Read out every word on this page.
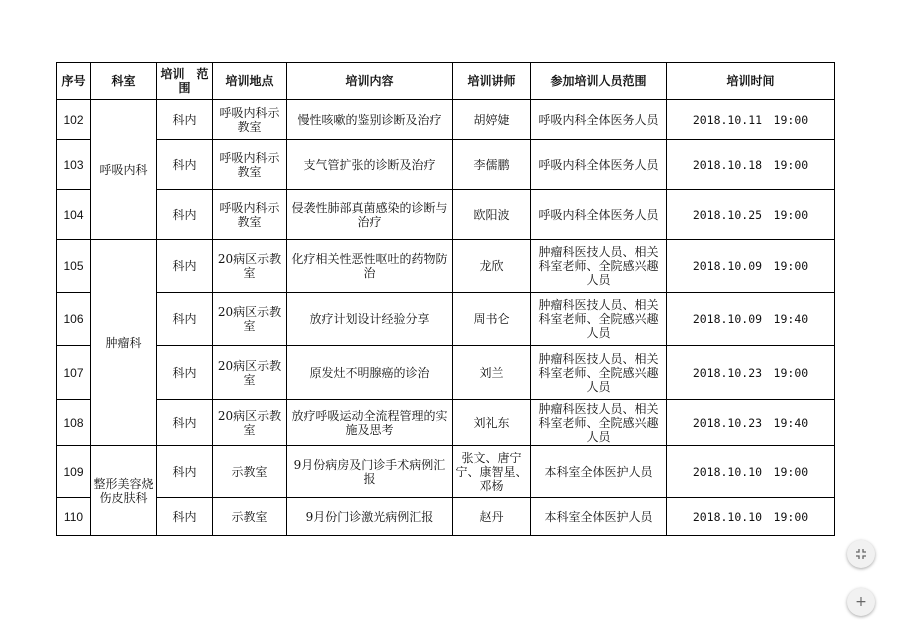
序号	科室	培训　范围	培训地点	培训内容	培训讲师	参加培训人员范围	培训时间
102	呼吸内科	科内	呼吸内科示教室	慢性咳嗽的鉴别诊断及治疗	胡婷婕	呼吸内科全体医务人员	2018.10.11　19:00
103		科内	呼吸内科示教室	支气管扩张的诊断及治疗	李儒鹏	呼吸内科全体医务人员	2018.10.18　19:00
104		科内	呼吸内科示教室	侵袭性肺部真菌感染的诊断与治疗	欧阳波	呼吸内科全体医务人员	2018.10.25　19:00
105	肿瘤科	科内	20病区示教室	化疗相关性恶性呕吐的药物防治	龙欣	肿瘤科医技人员、相关科室老师、全院感兴趣人员	2018.10.09　19:00
106		科内	20病区示教室	放疗计划设计经验分享	周书仑	肿瘤科医技人员、相关科室老师、全院感兴趣人员	2018.10.09　19:40
107		科内	20病区示教室	原发灶不明腺癌的诊治	刘兰	肿瘤科医技人员、相关科室老师、全院感兴趣人员	2018.10.23　19:00
108		科内	20病区示教室	放疗呼吸运动全流程管理的实施及思考	刘礼东	肿瘤科医技人员、相关科室老师、全院感兴趣人员	2018.10.23　19:40
109	整形美容烧伤皮肤科	科内	示教室	9月份病房及门诊手术病例汇报	张文、唐宁宁、康智星、邓杨	本科室全体医护人员	2018.10.10　19:00
110		科内	示教室	9月份门诊激光病例汇报	赵丹	本科室全体医护人员	2018.10.10　19:00
+
